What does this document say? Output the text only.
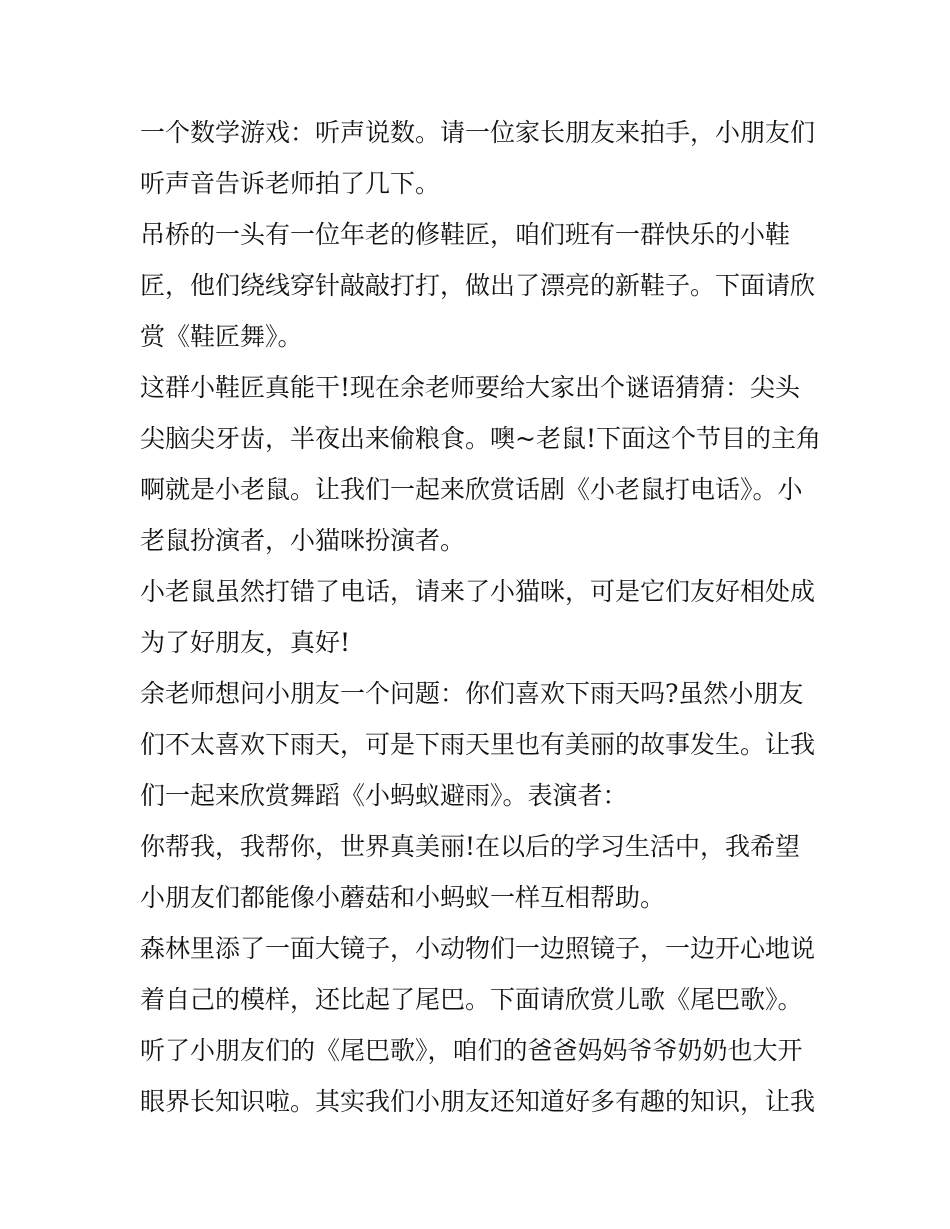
一个数学游戏：听声说数。请一位家长朋友来拍手，小朋友们
听声音告诉老师拍了几下。

吊桥的一头有一位年老的修鞋匠，咱们班有一群快乐的小鞋
匠，他们绕线穿针敲敲打打，做出了漂亮的新鞋子。下面请欣
赏《鞋匠舞》。

这群小鞋匠真能干!现在余老师要给大家出个谜语猜猜：尖头
尖脑尖牙齿，半夜出来偷粮食。噢~老鼠!下面这个节目的主角
啊就是小老鼠。让我们一起来欣赏话剧《小老鼠打电话》。小
老鼠扮演者，小猫咪扮演者。

小老鼠虽然打错了电话，请来了小猫咪，可是它们友好相处成
为了好朋友，真好!

余老师想问小朋友一个问题：你们喜欢下雨天吗?虽然小朋友
们不太喜欢下雨天，可是下雨天里也有美丽的故事发生。让我
们一起来欣赏舞蹈《小蚂蚁避雨》。表演者：

你帮我，我帮你，世界真美丽!在以后的学习生活中，我希望
小朋友们都能像小蘑菇和小蚂蚁一样互相帮助。

森林里添了一面大镜子，小动物们一边照镜子，一边开心地说
着自己的模样，还比起了尾巴。下面请欣赏儿歌《尾巴歌》。

听了小朋友们的《尾巴歌》，咱们的爸爸妈妈爷爷奶奶也大开
眼界长知识啦。其实我们小朋友还知道好多有趣的知识，让我
